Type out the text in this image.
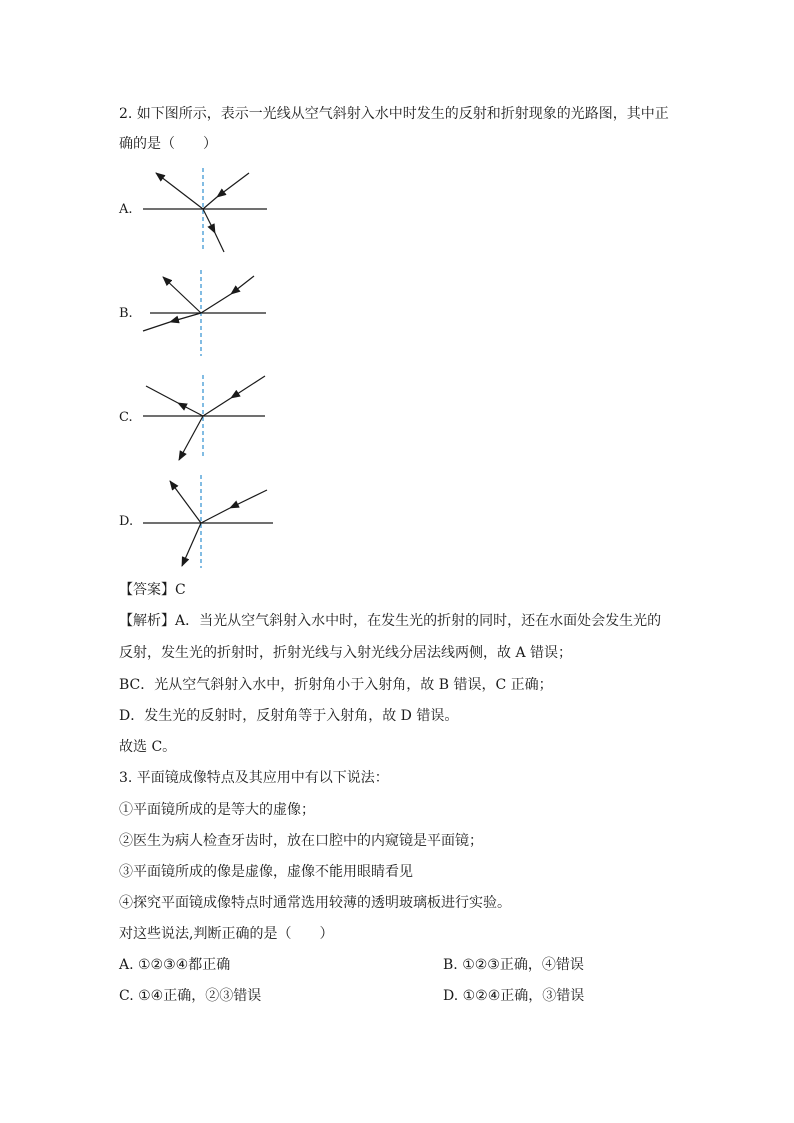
2. 如下图所示，表示一光线从空气斜射入水中时发生的反射和折射现象的光路图，其中正
确的是（　　）
A.
B.
C.
D.
【答案】C
【解析】A．当光从空气斜射入水中时，在发生光的折射的同时，还在水面处会发生光的
反射，发生光的折射时，折射光线与入射光线分居法线两侧，故 A 错误；
BC．光从空气斜射入水中，折射角小于入射角，故 B 错误，C 正确；
D．发生光的反射时，反射角等于入射角，故 D 错误。
故选 C。
3. 平面镜成像特点及其应用中有以下说法：
①平面镜所成的是等大的虚像；
②医生为病人检查牙齿时，放在口腔中的内窥镜是平面镜；
③平面镜所成的像是虚像，虚像不能用眼睛看见
④探究平面镜成像特点时通常选用较薄的透明玻璃板进行实验。
对这些说法,判断正确的是（　　）
A. ①②③④都正确	B. ①②③正确，④错误
C. ①④正确，②③错误	D. ①②④正确，③错误
